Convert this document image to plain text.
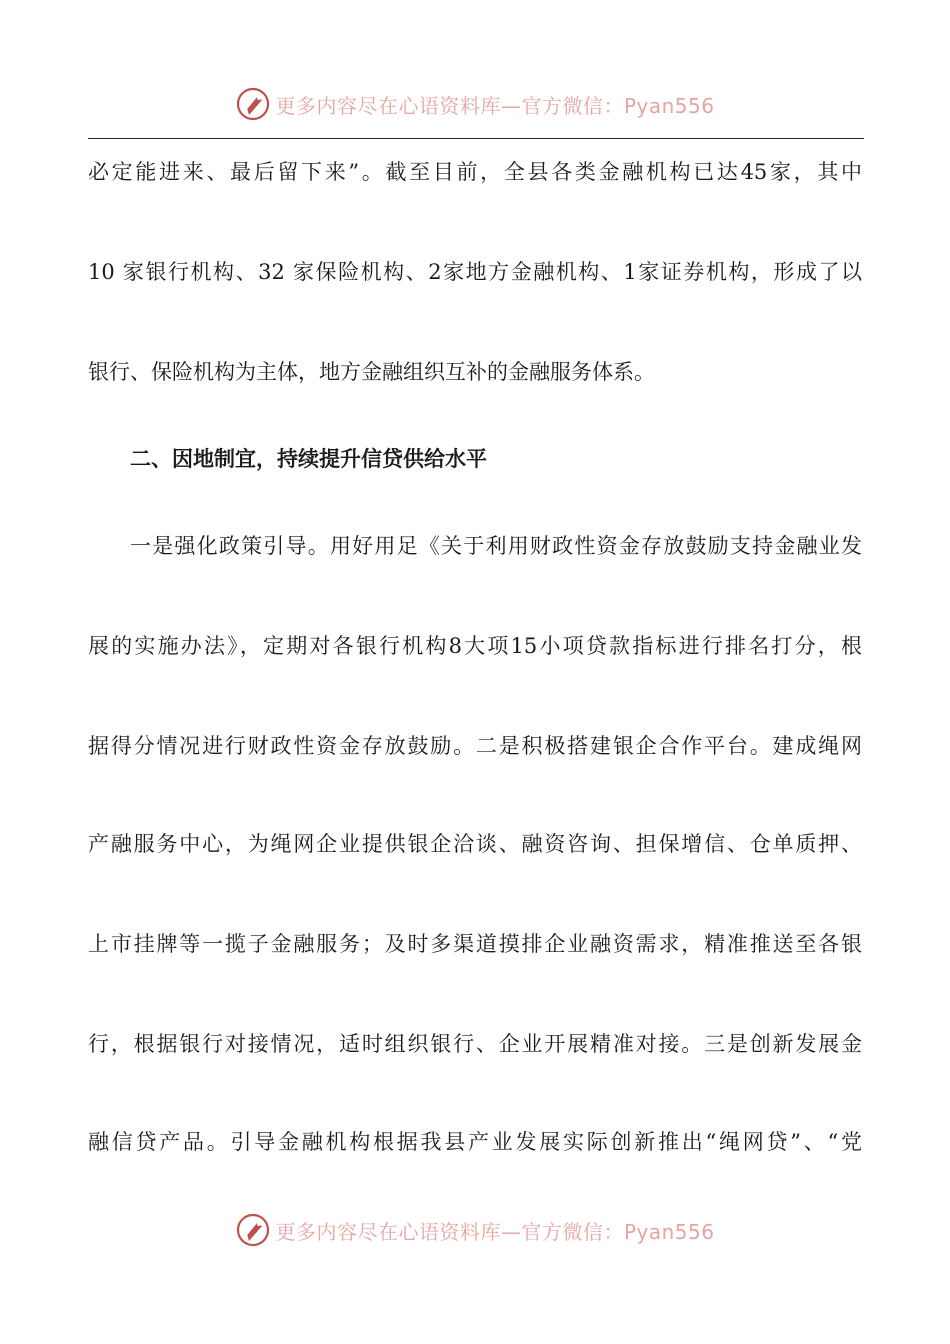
更多内容尽在心语资料库—官方微信：Pyan556
必定能进来、最后留下来”。截至目前，全县各类金融机构已达45家，其中
10 家银行机构、32 家保险机构、2家地方金融机构、1家证券机构，形成了以
银行、保险机构为主体，地方金融组织互补的金融服务体系。
二、因地制宜，持续提升信贷供给水平
一是强化政策引导。用好用足《关于利用财政性资金存放鼓励支持金融业发
展的实施办法》，定期对各银行机构8大项15小项贷款指标进行排名打分，根
据得分情况进行财政性资金存放鼓励。二是积极搭建银企合作平台。建成绳网
产融服务中心，为绳网企业提供银企洽谈、融资咨询、担保增信、仓单质押、
上市挂牌等一揽子金融服务；及时多渠道摸排企业融资需求，精准推送至各银
行，根据银行对接情况，适时组织银行、企业开展精准对接。三是创新发展金
融信贷产品。引导金融机构根据我县产业发展实际创新推出“绳网贷”、“党
更多内容尽在心语资料库—官方微信：Pyan556
